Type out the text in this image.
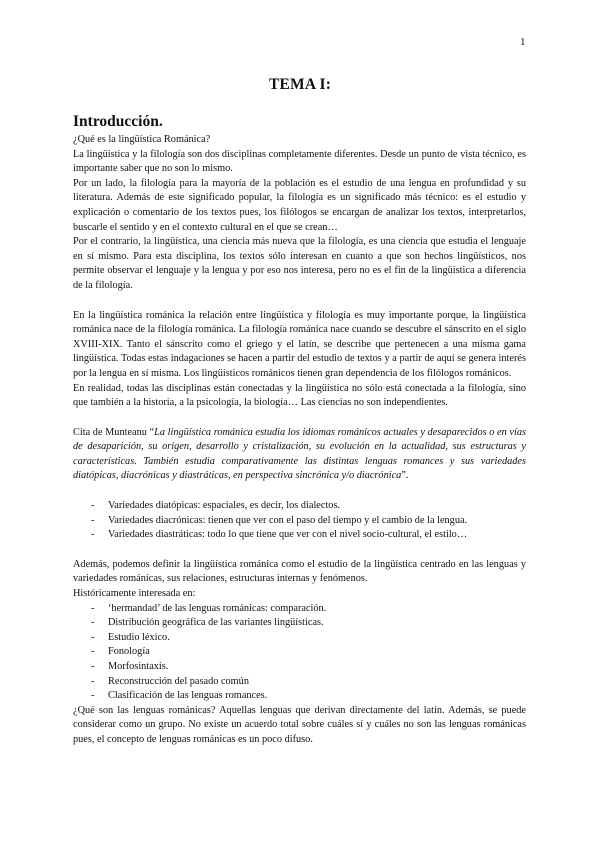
1
TEMA I:
Introducción.

¿Qué es la lingüística Románica?

La lingüística y la filología son dos disciplinas completamente diferentes. Desde un punto de vista técnico, es importante saber que no son lo mismo.

Por un lado, la filología para la mayoría de la población es el estudio de una lengua en profundidad y su literatura. Además de este significado popular, la filología es un significado más técnico: es el estudio y explicación o comentario de los textos pues, los filólogos se encargan de analizar los textos, interpretarlos, buscarle el sentido y en el contexto cultural en el que se crean…

Por el contrario, la lingüística, una ciencia más nueva que la filología, es una ciencia que estudia el lenguaje en sí mismo. Para esta disciplina, los textos sólo interesan en cuanto a que son hechos lingüísticos, nos permite observar el lenguaje y la lengua y por eso nos interesa, pero no es el fin de la lingüística a diferencia de la filología.

En la lingüística románica la relación entre lingüística y filología es muy importante porque, la lingüística románica nace de la filología románica. La filología románica nace cuando se descubre el sánscrito en el siglo XVIII-XIX. Tanto el sánscrito como el griego y el latín, se describe que pertenecen a una misma gama lingüística. Todas estas indagaciones se hacen a partir del estudio de textos y a partir de aquí se genera interés por la lengua en sí misma. Los lingüísticos románicos tienen gran dependencia de los filólogos románicos.

En realidad, todas las disciplinas están conectadas y la lingüística no sólo está conectada a la filología, sino que también a la historia, a la psicología, la biología… Las ciencias no son independientes.

Cita de Munteanu “La lingüística románica estudia los idiomas románicos actuales y desaparecidos o en vías de desaparición, su origen, desarrollo y cristalización, su evolución en la actualidad, sus estructuras y características. También estudia comparativamente las distintas lenguas romances y sus variedades diatópicas, diacrónicas y diastráticas, en perspectiva sincrónica y/o diacrónica”.

- Variedades diatópicas: espaciales, es decir, los dialectos.
- Variedades diacrónicas: tienen que ver con el paso del tiempo y el cambio de la lengua.
- Variedades diastráticas: todo lo que tiene que ver con el nivel socio-cultural, el estilo…

Además, podemos definir la lingüística románica como el estudio de la lingüística centrado en las lenguas y variedades románicas, sus relaciones, estructuras internas y fenómenos.

Históricamente interesada en:

- ‘hermandad’ de las lenguas románicas: comparación.
- Distribución geográfica de las variantes lingüísticas.
- Estudio léxico.
- Fonología
- Morfosintaxis.
- Reconstrucción del pasado común
- Clasificación de las lenguas romances.

¿Qué son las lenguas románicas? Aquellas lenguas que derivan directamente del latín. Además, se puede considerar como un grupo. No existe un acuerdo total sobre cuáles sí y cuáles no son las lenguas románicas pues, el concepto de lenguas románicas es un poco difuso.
